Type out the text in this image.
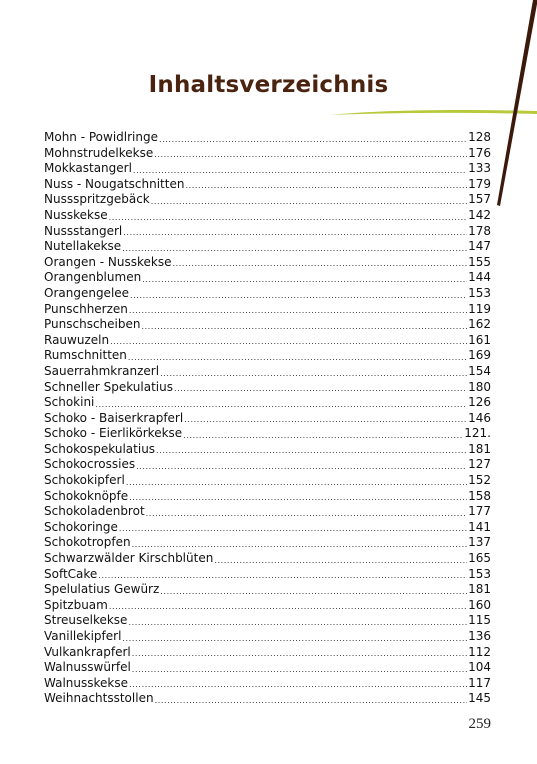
Inhaltsverzeichnis
Mohn - Powidlringe .....	128
Mohnstrudelkekse .....	176
Mokkastangerl .....	133
Nuss - Nougatschnitten .....	179
Nussspritzgebäck .....	157
Nusskekse .....	142
Nussstangerl .....	178
Nutellakekse .....	147
Orangen - Nusskekse .....	155
Orangenblumen .....	144
Orangengelee .....	153
Punschherzen .....	119
Punschscheiben .....	162
Rauwuzeln .....	161
Rumschnitten .....	169
Sauerrahmkranzerl .....	154
Schneller Spekulatius .....	180
Schokini .....	126
Schoko - Baiserkrapferl .....	146
Schoko - Eierlikörkekse .....	121.
Schokospekulatius .....	181
Schokocrossies .....	127
Schokokipferl .....	152
Schokoknöpfe .....	158
Schokoladenbrot .....	177
Schokoringe .....	141
Schokotropfen .....	137
Schwarzwälder Kirschblüten .....	165
SoftCake .....	153
Spelulatius Gewürz .....	181
Spitzbuam .....	160
Streuselkekse .....	115
Vanillekipferl .....	136
Vulkankrapferl .....	112
Walnusswürfel .....	104
Walnusskekse .....	117
Weihnachtsstollen .....	145
259
